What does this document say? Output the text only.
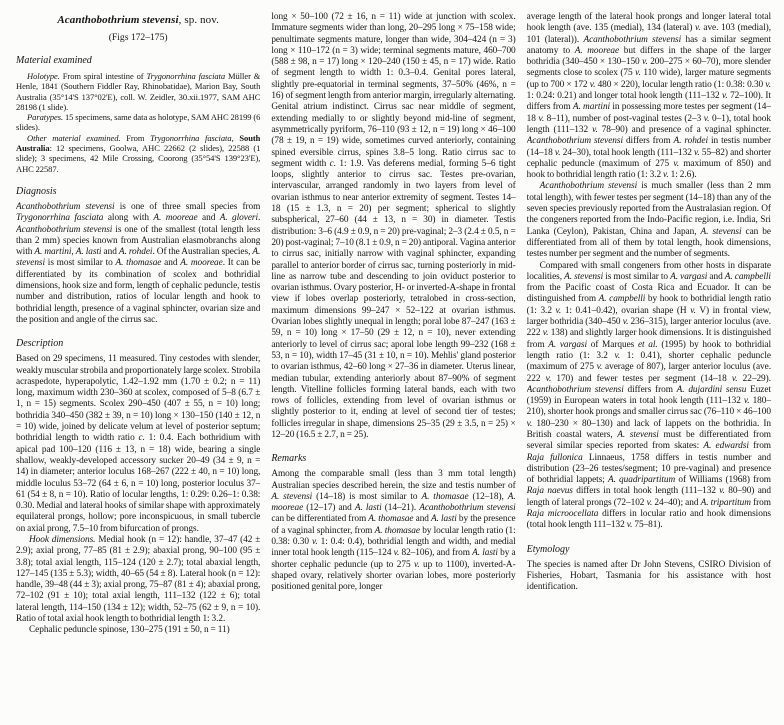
Acanthobothrium stevensi, sp. nov.
(Figs 172–175)
Material examined

Holotype. From spiral intestine of Trygonorrhina fasciata Müller & Henle, 1841 (Southern Fiddler Ray, Rhinobatidae), Marion Bay, South Australia (35°14'S 137°02'E), coll. W. Zeidler, 30.xii.1977, SAM AHC 28198 (1 slide).

Paratypes. 15 specimens, same data as holotype, SAM AHC 28199 (6 slides).

Other material examined. From Trygonorrhina fasciata, South Australia: 12 specimens, Goolwa, AHC 22662 (2 slides), 22588 (1 slide); 3 specimens, 42 Mile Crossing, Coorong (35°54'S 139°23'E), AHC 22587.

Diagnosis

Acanthobothrium stevensi is one of three small species from Trygonorrhina fasciata along with A. mooreae and A. gloveri. Acanthobothrium stevensi is one of the smallest (total length less than 2 mm) species known from Australian elasmobranchs along with A. martini, A. lasti and A. rohdei. Of the Australian species, A. stevensi is most similar to A. thomasae and A. mooreae. It can be differentiated by its combination of scolex and bothridial dimensions, hook size and form, length of cephalic peduncle, testis number and distribution, ratios of locular length and hook to bothridial length, presence of a vaginal sphincter, ovarian size and the position and angle of the cirrus sac.

Description

Based on 29 specimens, 11 measured. Tiny cestodes with slender, weakly muscular strobila and proportionately large scolex. Strobila acraspedote, hyperapolytic, 1.42–1.92 mm (1.70 ± 0.2; n = 11) long, maximum width 230–360 at scolex, composed of 5–8 (6.7 ± 1, n = 15) segments. Scolex 290–450 (407 ± 55, n = 10) long; bothridia 340–450 (382 ± 39, n = 10) long × 130–150 (140 ± 12, n = 10) wide, joined by delicate velum at level of posterior septum; bothridial length to width ratio c. 1: 0.4. Each bothridium with apical pad 100–120 (116 ± 13, n = 18) wide, bearing a single shallow, weakly-developed accessory sucker 20–49 (34 ± 9, n = 14) in diameter; anterior loculus 168–267 (222 ± 40, n = 10) long, middle loculus 53–72 (64 ± 6, n = 10) long, posterior loculus 37–61 (54 ± 8, n = 10). Ratio of locular lengths, 1: 0.29: 0.26–1: 0.38: 0.30. Medial and lateral hooks of similar shape with approximately equilateral prongs, hollow; pore inconspicuous, in small tubercle on axial prong, 7.5–10 from bifurcation of prongs.

Hook dimensions. Medial hook (n = 12): handle, 37–47 (42 ± 2.9); axial prong, 77–85 (81 ± 2.9); abaxial prong, 90–100 (95 ± 3.8); total axial length, 115–124 (120 ± 2.7); total abaxial length, 127–145 (135 ± 5.3); width, 40–65 (54 ± 8). Lateral hook (n = 12): handle, 39–48 (44 ± 3); axial prong, 75–87 (81 ± 4); abaxial prong, 72–102 (91 ± 10); total axial length, 111–132 (122 ± 6); total lateral length, 114–150 (134 ± 12); width, 52–75 (62 ± 9, n = 10). Ratio of total axial hook length to bothridial length 1: 3.2.

Cephalic peduncle spinose, 130–275 (191 ± 50, n = 11)

long × 50–100 (72 ± 16, n = 11) wide at junction with scolex. Immature segments wider than long, 20–295 long × 75–158 wide; penultimate segments mature, longer than wide, 304–424 (n = 3) long × 110–172 (n = 3) wide; terminal segments mature, 460–700 (588 ± 98, n = 17) long × 120–240 (150 ± 45, n = 17) wide. Ratio of segment length to width 1: 0.3–0.4. Genital pores lateral, slightly pre-equatorial in terminal segments, 37–50% (46%, n = 16) of segment length from anterior margin, irregularly alternating. Genital atrium indistinct. Cirrus sac near middle of segment, extending medially to or slightly beyond mid-line of segment, asymmetrically pyriform, 76–110 (93 ± 12, n = 19) long × 46–100 (78 ± 19, n = 19) wide, sometimes curved anteriorly, containing spined eversible cirrus, spines 3.8–5 long. Ratio cirrus sac to segment width c. 1: 1.9. Vas deferens medial, forming 5–6 tight loops, slightly anterior to cirrus sac. Testes pre-ovarian, intervascular, arranged randomly in two layers from level of ovarian isthmus to near anterior extremity of segment. Testes 14–18 (15 ± 1.3, n = 20) per segment; spherical to slightly subspherical, 27–60 (44 ± 13, n = 30) in diameter. Testis distribution: 3–6 (4.9 ± 0.9, n = 20) pre-vaginal; 2–3 (2.4 ± 0.5, n = 20) post-vaginal; 7–10 (8.1 ± 0.9, n = 20) antiporal. Vagina anterior to cirrus sac, initially narrow with vaginal sphincter, expanding parallel to anterior border of cirrus sac, turning posteriorly in mid-line as narrow tube and descending to join oviduct posterior to ovarian isthmus. Ovary posterior, H- or inverted-A-shape in frontal view if lobes overlap posteriorly, tetralobed in cross-section, maximum dimensions 99–247 × 52–122 at ovarian isthmus. Ovarian lobes slightly unequal in length; poral lobe 87–247 (163 ± 59, n = 10) long × 17–50 (29 ± 12, n = 10), never extending anteriorly to level of cirrus sac; aporal lobe length 99–232 (168 ± 53, n = 10), width 17–45 (31 ± 10, n = 10). Mehlis' gland posterior to ovarian isthmus, 42–60 long × 27–36 in diameter. Uterus linear, median tubular, extending anteriorly about 87–90% of segment length. Vitelline follicles forming lateral bands, each with two rows of follicles, extending from level of ovarian isthmus or slightly posterior to it, ending at level of second tier of testes; follicles irregular in shape, dimensions 25–35 (29 ± 3.5, n = 25) × 12–20 (16.5 ± 2.7, n = 25).

Remarks

Among the comparable small (less than 3 mm total length) Australian species described herein, the size and testis number of A. stevensi (14–18) is most similar to A. thomasae (12–18), A. mooreae (12–17) and A. lasti (14–21). Acanthobothrium stevensi can be differentiated from A. thomasae and A. lasti by the presence of a vaginal sphincter, from A. thomasae by locular length ratio (1: 0.38: 0.30 v. 1: 0.4: 0.4), bothridial length and width, and medial inner total hook length (115–124 v. 82–106), and from A. lasti by a shorter cephalic peduncle (up to 275 v. up to 1100), inverted-A-shaped ovary, relatively shorter ovarian lobes, more posteriorly positioned genital pore, longer

average length of the lateral hook prongs and longer lateral total hook length (ave. 135 (medial), 134 (lateral) v. ave. 103 (medial), 101 (lateral)). Acanthobothrium stevensi has a similar segment anatomy to A. mooreae but differs in the shape of the larger bothridia (340–450 × 130–150 v. 200–275 × 60–70), more slender segments close to scolex (75 v. 110 wide), larger mature segments (up to 700 × 172 v. 480 × 220), locular length ratio (1: 0.38: 0.30 v. 1: 0.24: 0.21) and longer total hook length (111–132 v. 72–100). It differs from A. martini in possessing more testes per segment (14–18 v. 8–11), number of post-vaginal testes (2–3 v. 0–1), total hook length (111–132 v. 78–90) and presence of a vaginal sphincter. Acanthobothrium stevensi differs from A. rohdei in testis number (14–18 v. 24–30), total hook length (111–132 v. 55–82) and shorter cephalic peduncle (maximum of 275 v. maximum of 850) and hook to bothridial length ratio (1: 3.2 v. 1: 2.6).

Acanthobothrium stevensi is much smaller (less than 2 mm total length), with fewer testes per segment (14–18) than any of the seven species previously reported from the Australasian region. Of the congeners reported from the Indo-Pacific region, i.e. India, Sri Lanka (Ceylon), Pakistan, China and Japan, A. stevensi can be differentiated from all of them by total length, hook dimensions, testes number per segment and the number of segments.

Compared with small congeners from other hosts in disparate localities, A. stevensi is most similar to A. vargasi and A. campbelli from the Pacific coast of Costa Rica and Ecuador. It can be distinguished from A. campbelli by hook to bothridial length ratio (1: 3.2 v. 1: 0.41–0.42), ovarian shape (H v. V) in frontal view, larger bothridia (340–450 v. 236–315), larger anterior loculus (ave. 222 v. 138) and slightly larger hook dimensions. It is distinguished from A. vargasi of Marques et al. (1995) by hook to bothridial length ratio (1: 3.2 v. 1: 0.41), shorter cephalic peduncle (maximum of 275 v. average of 807), larger anterior loculus (ave. 222 v. 170) and fewer testes per segment (14–18 v. 22–29). Acanthobothrium stevensi differs from A. dujardini sensu Euzet (1959) in European waters in total hook length (111–132 v. 180–210), shorter hook prongs and smaller cirrus sac (76–110 × 46–100 v. 180–230 × 80–130) and lack of lappets on the bothridia. In British coastal waters, A. stevensi must be differentiated from several similar species reported from skates: A. edwardsi from Raja fullonica Linnaeus, 1758 differs in testis number and distribution (23–26 testes/segment; 10 pre-vaginal) and presence of bothridial lappets; A. quadripartitum of Williams (1968) from Raja naevus differs in total hook length (111–132 v. 80–90) and length of lateral prongs (72–102 v. 24–40); and A. tripartitum from Raja microocellata differs in locular ratio and hook dimensions (total hook length 111–132 v. 75–81).

Etymology

The species is named after Dr John Stevens, CSIRO Division of Fisheries, Hobart, Tasmania for his assistance with host identification.
